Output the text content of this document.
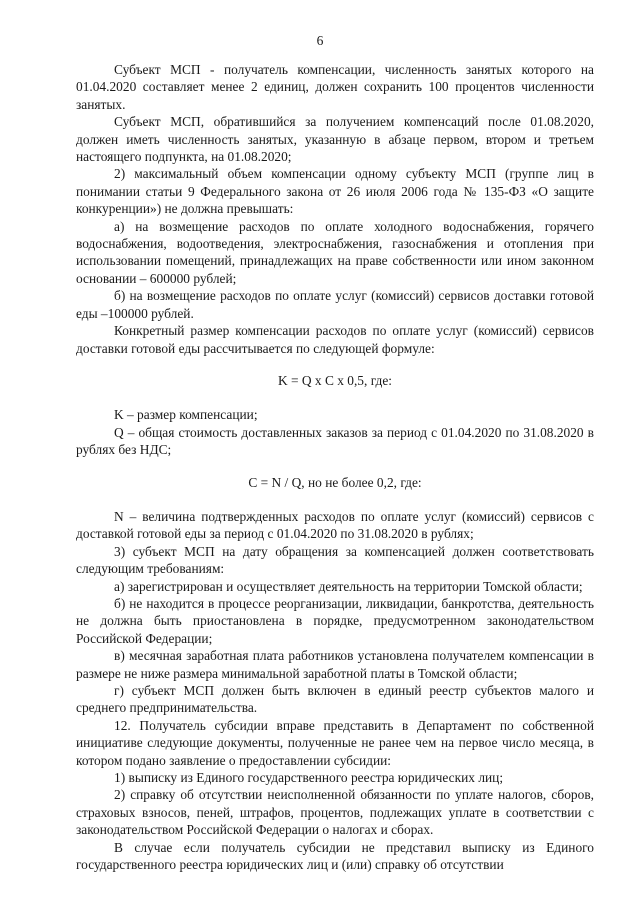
6

Субъект МСП - получатель компенсации, численность занятых которого на 01.04.2020 составляет менее 2 единиц, должен сохранить 100 процентов численности занятых.

Субъект МСП, обратившийся за получением компенсаций после 01.08.2020, должен иметь численность занятых, указанную в абзаце первом, втором и третьем настоящего подпункта, на 01.08.2020;

2) максимальный объем компенсации одному субъекту МСП (группе лиц в понимании статьи 9 Федерального закона от 26 июля 2006 года № 135-ФЗ «О защите конкуренции») не должна превышать:

а) на возмещение расходов по оплате холодного водоснабжения, горячего водоснабжения, водоотведения, электроснабжения, газоснабжения и отопления при использовании помещений, принадлежащих на праве собственности или ином законном основании – 600000 рублей;

б) на возмещение расходов по оплате услуг (комиссий) сервисов доставки готовой еды –100000 рублей.

Конкретный размер компенсации расходов по оплате услуг (комиссий) сервисов доставки готовой еды рассчитывается по следующей формуле:

K = Q x C x 0,5, где:

K – размер компенсации;

Q – общая стоимость доставленных заказов за период с 01.04.2020 по 31.08.2020 в рублях без НДС;

C = N / Q, но не более 0,2, где:

N – величина подтвержденных расходов по оплате услуг (комиссий) сервисов с доставкой готовой еды за период с 01.04.2020 по 31.08.2020 в рублях;

3) субъект МСП на дату обращения за компенсацией должен соответствовать следующим требованиям:

а) зарегистрирован и осуществляет деятельность на территории Томской области;

б) не находится в процессе реорганизации, ликвидации, банкротства, деятельность не должна быть приостановлена в порядке, предусмотренном законодательством Российской Федерации;

в) месячная заработная плата работников установлена получателем компенсации в размере не ниже размера минимальной заработной платы в Томской области;

г) субъект МСП должен быть включен в единый реестр субъектов малого и среднего предпринимательства.

12. Получатель субсидии вправе представить в Департамент по собственной инициативе следующие документы, полученные не ранее чем на первое число месяца, в котором подано заявление о предоставлении субсидии:

1) выписку из Единого государственного реестра юридических лиц;

2) справку об отсутствии неисполненной обязанности по уплате налогов, сборов, страховых взносов, пеней, штрафов, процентов, подлежащих уплате в соответствии с законодательством Российской Федерации о налогах и сборах.

В случае если получатель субсидии не представил выписку из Единого государственного реестра юридических лиц и (или) справку об отсутствии
